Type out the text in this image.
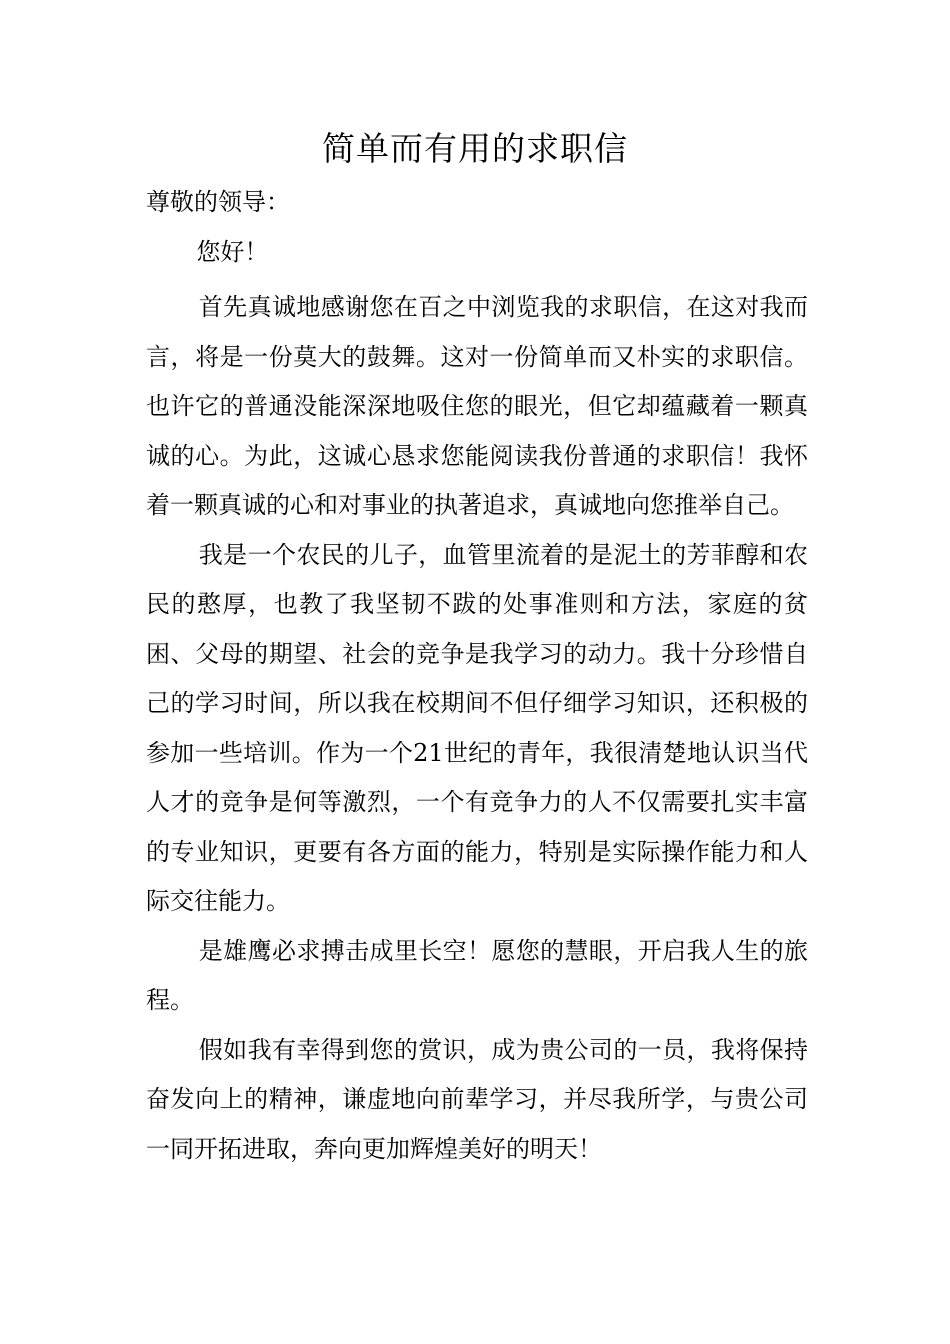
简单而有用的求职信

尊敬的领导：

您好！

首先真诚地感谢您在百之中浏览我的求职信，在这对我而言，将是一份莫大的鼓舞。这对一份简单而又朴实的求职信。也许它的普通没能深深地吸住您的眼光，但它却蕴藏着一颗真诚的心。为此，这诚心恳求您能阅读我份普通的求职信！我怀着一颗真诚的心和对事业的执著追求，真诚地向您推举自己。

我是一个农民的儿子，血管里流着的是泥土的芳菲醇和农民的憨厚，也教了我坚韧不跋的处事准则和方法，家庭的贫困、父母的期望、社会的竞争是我学习的动力。我十分珍惜自己的学习时间，所以我在校期间不但仔细学习知识，还积极的参加一些培训。作为一个21世纪的青年，我很清楚地认识当代人才的竞争是何等激烈，一个有竞争力的人不仅需要扎实丰富的专业知识，更要有各方面的能力，特别是实际操作能力和人际交往能力。

是雄鹰必求搏击成里长空！愿您的慧眼，开启我人生的旅程。

假如我有幸得到您的赏识，成为贵公司的一员，我将保持奋发向上的精神，谦虚地向前辈学习，并尽我所学，与贵公司一同开拓进取，奔向更加辉煌美好的明天！
